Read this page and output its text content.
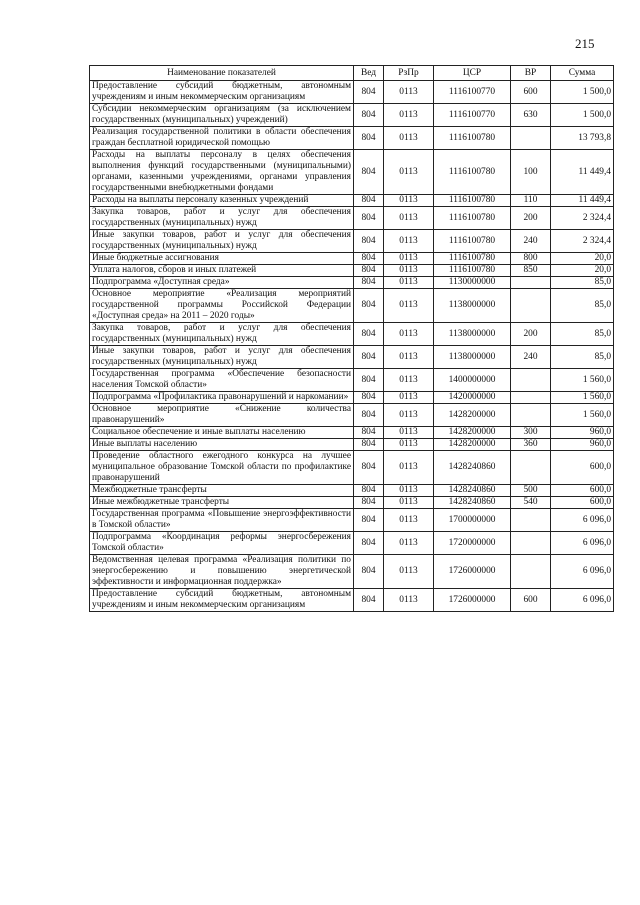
215
Наименование показателей	Вед	РзПр	ЦСР	ВР	Сумма
Предоставление субсидий бюджетным, автономным учреждениям и иным некоммерческим организациям	804	0113	1116100770	600	1 500,0
Субсидии некоммерческим организациям (за исключением государственных (муниципальных) учреждений)	804	0113	1116100770	630	1 500,0
Реализация государственной политики в области обеспечения граждан бесплатной юридической помощью	804	0113	1116100780		13 793,8
Расходы на выплаты персоналу в целях обеспечения выполнения функций государственными (муниципальными) органами, казенными учреждениями, органами управления государственными внебюджетными фондами	804	0113	1116100780	100	11 449,4
Расходы на выплаты персоналу казенных учреждений	804	0113	1116100780	110	11 449,4
Закупка товаров, работ и услуг для обеспечения государственных (муниципальных) нужд	804	0113	1116100780	200	2 324,4
Иные закупки товаров, работ и услуг для обеспечения государственных (муниципальных) нужд	804	0113	1116100780	240	2 324,4
Иные бюджетные ассигнования	804	0113	1116100780	800	20,0
Уплата налогов, сборов и иных платежей	804	0113	1116100780	850	20,0
Подпрограмма «Доступная среда»	804	0113	1130000000		85,0
Основное мероприятие «Реализация мероприятий государственной программы Российской Федерации «Доступная среда» на 2011 – 2020 годы»	804	0113	1138000000		85,0
Закупка товаров, работ и услуг для обеспечения государственных (муниципальных) нужд	804	0113	1138000000	200	85,0
Иные закупки товаров, работ и услуг для обеспечения государственных (муниципальных) нужд	804	0113	1138000000	240	85,0
Государственная программа «Обеспечение безопасности населения Томской области»	804	0113	1400000000		1 560,0
Подпрограмма «Профилактика правонарушений и наркомании»	804	0113	1420000000		1 560,0
Основное мероприятие «Снижение количества правонарушений»	804	0113	1428200000		1 560,0
Социальное обеспечение и иные выплаты населению	804	0113	1428200000	300	960,0
Иные выплаты населению	804	0113	1428200000	360	960,0
Проведение областного ежегодного конкурса на лучшее муниципальное образование Томской области по профилактике правонарушений	804	0113	1428240860		600,0
Межбюджетные трансферты	804	0113	1428240860	500	600,0
Иные межбюджетные трансферты	804	0113	1428240860	540	600,0
Государственная программа «Повышение энергоэффективности в Томской области»	804	0113	1700000000		6 096,0
Подпрограмма «Координация реформы энергосбережения Томской области»	804	0113	1720000000		6 096,0
Ведомственная целевая программа «Реализация политики по энергосбережению и повышению энергетической эффективности и информационная поддержка»	804	0113	1726000000		6 096,0
Предоставление субсидий бюджетным, автономным учреждениям и иным некоммерческим организациям	804	0113	1726000000	600	6 096,0
